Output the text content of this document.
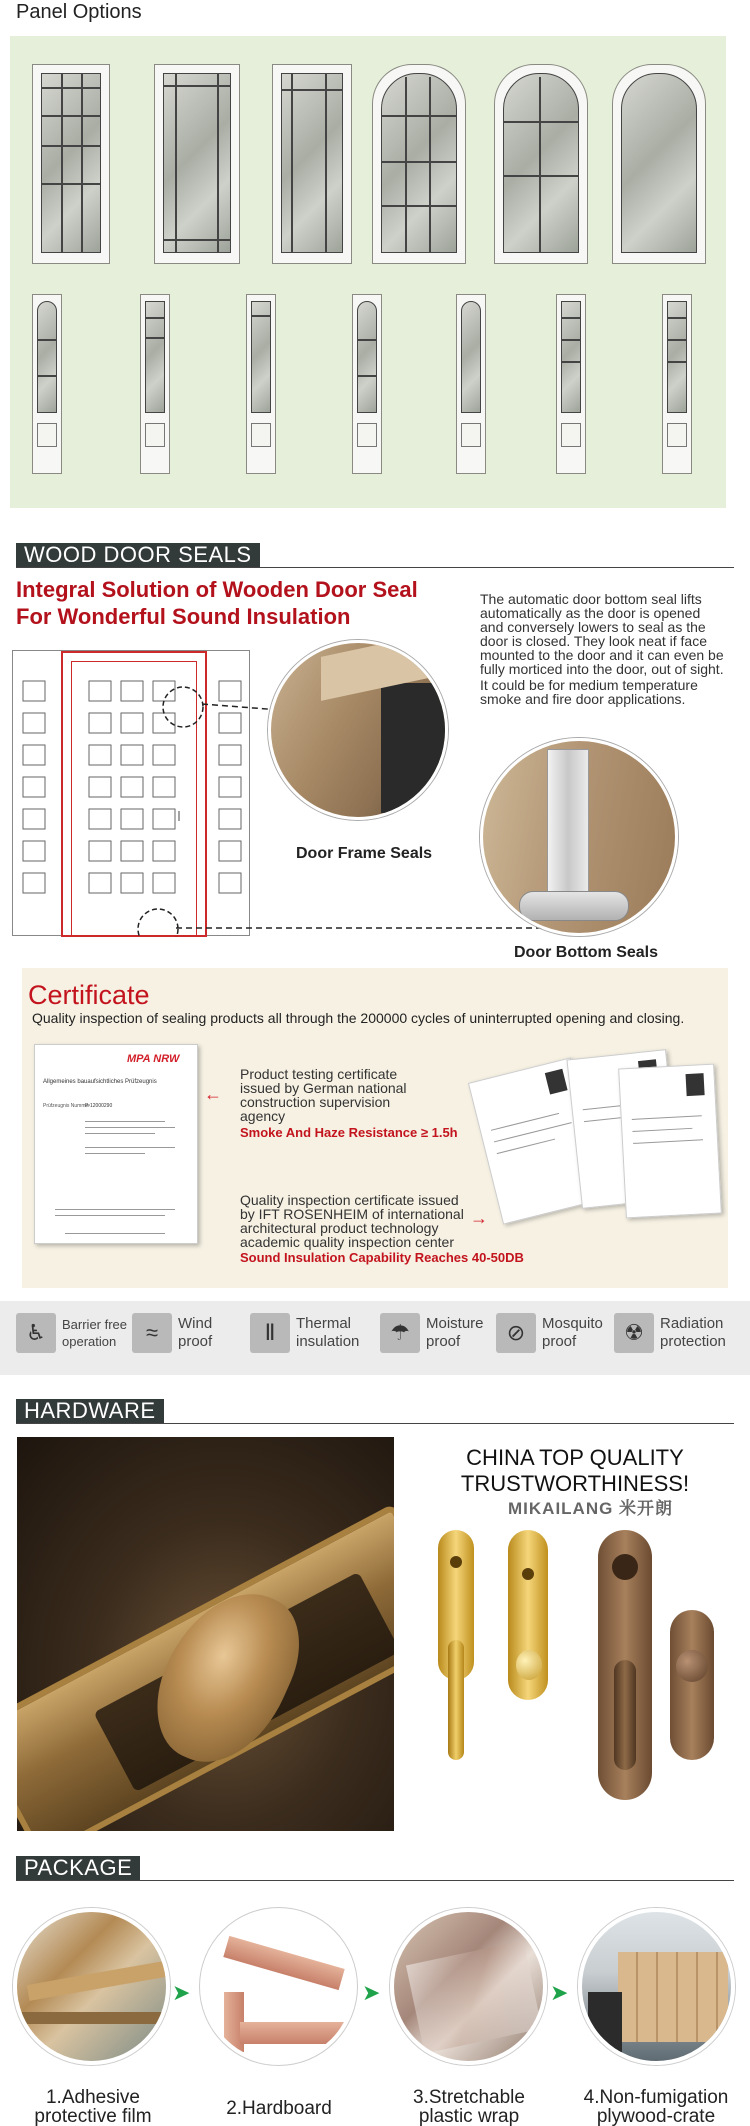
Panel Options
WOOD DOOR SEALS
Integral Solution of Wooden Door Seal
For Wonderful Sound Insulation

The automatic door bottom seal lifts automatically as the door is opened and conversely lowers to seal as the door is closed. They look neat if face mounted to the door and it can even be fully morticed into the door, out of sight.

It could be for medium temperature smoke and fire door applications.

Door Frame Seals
Door Bottom Seals
Certificate
Quality inspection of sealing products all through the 200000 cycles of uninterrupted opening and closing.
MPA NRW
Allgemeines bauaufsichtliches Prüfzeugnis
Prüfzeugnis Nummer
P-12000290
←
Product testing certificate issued by German national construction supervision agency
Smoke And Haze Resistance ≥ 1.5h
Quality inspection certificate issued by IFT ROSENHEIM of international architectural product technology academic quality inspection center
Sound Insulation Capability Reaches 40-50DB
→
♿	Barrier free
operation	≈	Wind
proof	Ⅱ	Thermal
insulation	☂	Moisture
proof	⊘	Mosquito
proof	☢	Radiation
protection
HARDWARE
CHINA TOP QUALITY
TRUSTWORTHINESS!
MIKAILANG 米开朗
PACKAGE
➤	➤	➤
1.Adhesive
protective film	2.Hardboard
3.Stretchable
plastic wrap
4.Non-fumigation
plywood-crate
